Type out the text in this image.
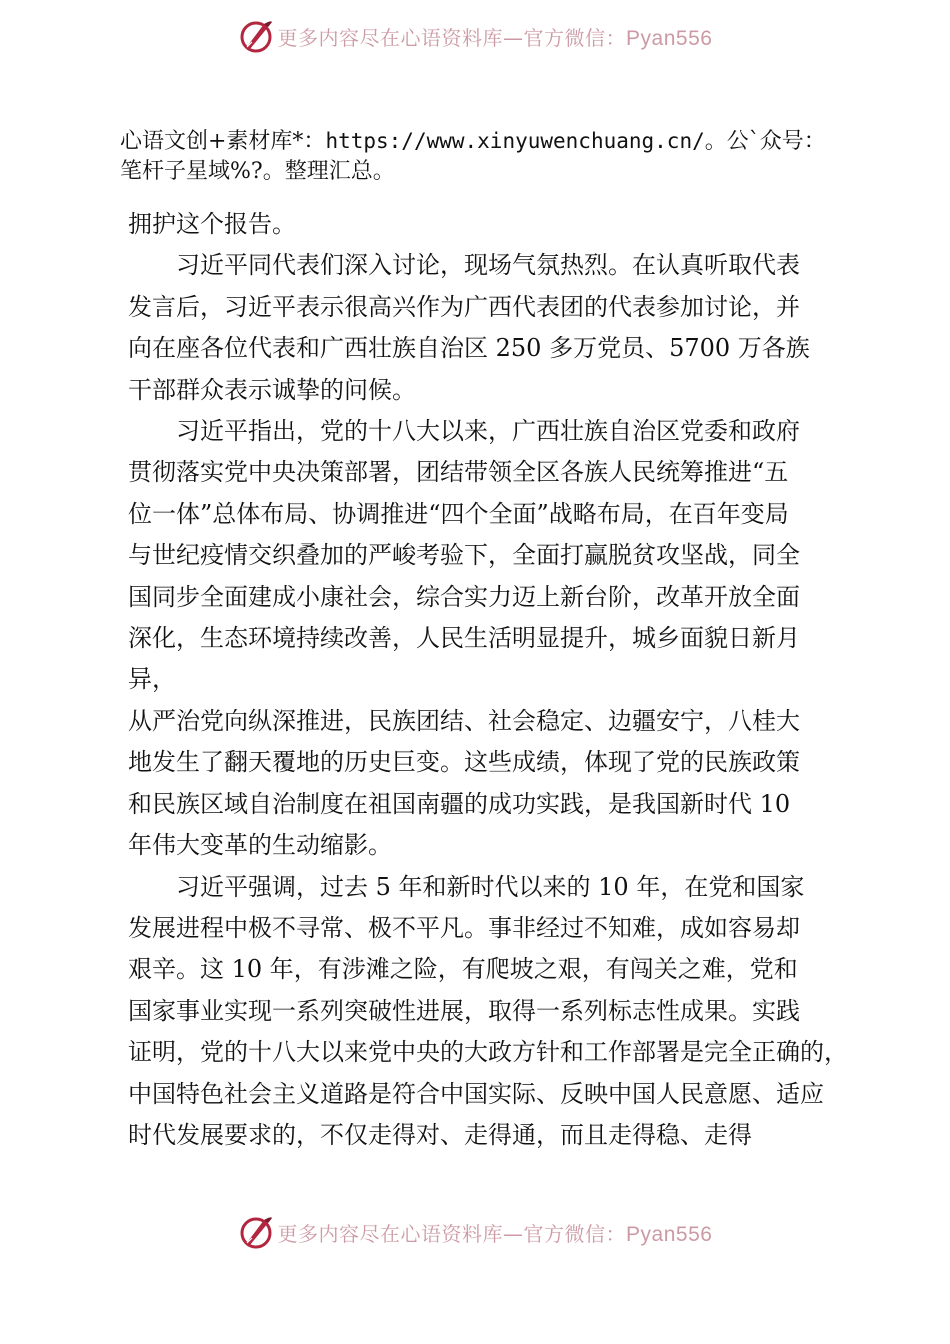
更多内容尽在心语资料库—官方微信：Pyan556
心语文创+素材库*：https://www.xinyuwenchuang.cn/。公`众号：
笔杆子星域%?。整理汇总。

拥护这个报告。

习近平同代表们深入讨论，现场气氛热烈。在认真听取代表
发言后，习近平表示很高兴作为广西代表团的代表参加讨论，并
向在座各位代表和广西壮族自治区 250 多万党员、5700 万各族
干部群众表示诚挚的问候。

习近平指出，党的十八大以来，广西壮族自治区党委和政府
贯彻落实党中央决策部署，团结带领全区各族人民统筹推进“五
位一体”总体布局、协调推进“四个全面”战略布局，在百年变局
与世纪疫情交织叠加的严峻考验下，全面打赢脱贫攻坚战，同全
国同步全面建成小康社会，综合实力迈上新台阶，改革开放全面
深化，生态环境持续改善，人民生活明显提升，城乡面貌日新月 异，
从严治党向纵深推进，民族团结、社会稳定、边疆安宁，八桂大
地发生了翻天覆地的历史巨变。这些成绩，体现了党的民族政策
和民族区域自治制度在祖国南疆的成功实践，是我国新时代 10
年伟大变革的生动缩影。

习近平强调，过去 5 年和新时代以来的 10 年，在党和国家
发展进程中极不寻常、极不平凡。事非经过不知难，成如容易却
艰辛。这 10 年，有涉滩之险，有爬坡之艰，有闯关之难，党和
国家事业实现一系列突破性进展，取得一系列标志性成果。实践
证明，党的十八大以来党中央的大政方针和工作部署是完全正确的，
中国特色社会主义道路是符合中国实际、反映中国人民意愿、适应
时代发展要求的，不仅走得对、走得通，而且走得稳、走得

更多内容尽在心语资料库—官方微信：Pyan556
